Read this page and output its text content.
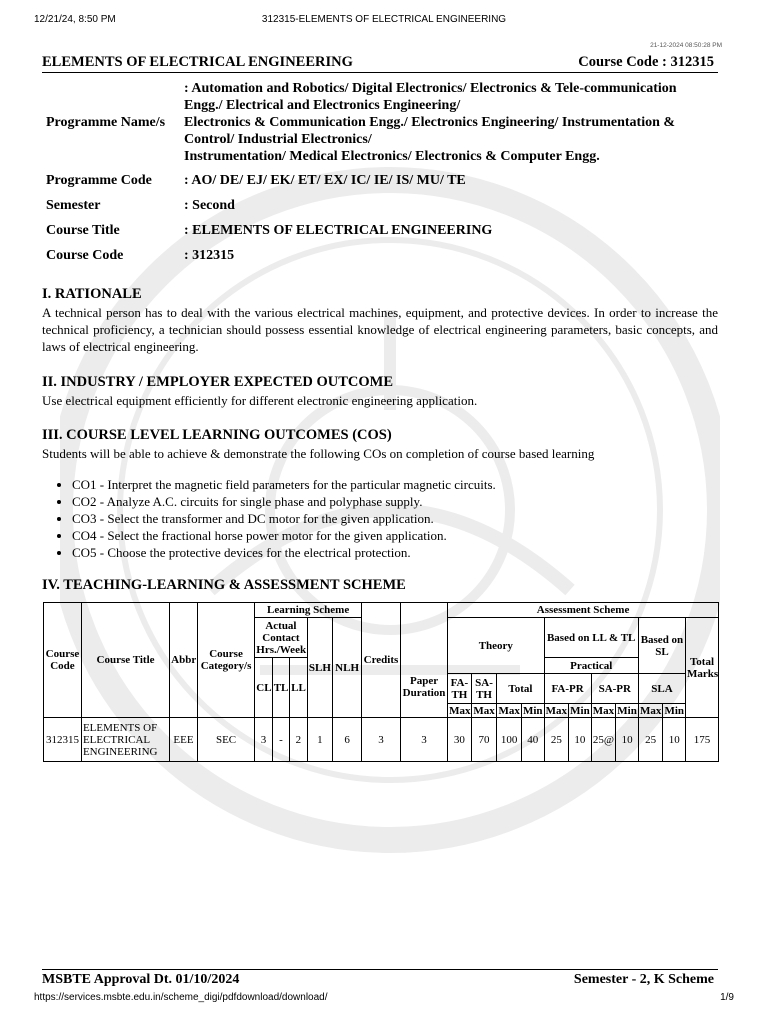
12/21/24, 8:50 PM	312315-ELEMENTS OF ELECTRICAL ENGINEERING
21-12-2024 08:50:28 PM
ELEMENTS OF ELECTRICAL ENGINEERING	Course Code : 312315
Programme Name/s
: Automation and Robotics/ Digital Electronics/ Electronics & Tele-communication
Engg./ Electrical and Electronics Engineering/
Electronics & Communication Engg./ Electronics Engineering/ Instrumentation &
Control/ Industrial Electronics/
Instrumentation/ Medical Electronics/ Electronics & Computer Engg.
Programme Code	: AO/ DE/ EJ/ EK/ ET/ EX/ IC/ IE/ IS/ MU/ TE
Semester	: Second
Course Title	: ELEMENTS OF ELECTRICAL ENGINEERING
Course Code	: 312315
I. RATIONALE
A technical person has to deal with the various electrical machines, equipment, and protective devices. In order to increase the technical proficiency, a technician should possess essential knowledge of electrical engineering parameters, basic concepts, and laws of electrical engineering.
II. INDUSTRY / EMPLOYER EXPECTED OUTCOME
Use electrical equipment efficiently for different electronic engineering application.
III. COURSE LEVEL LEARNING OUTCOMES (COS)
Students will be able to achieve & demonstrate the following COs on completion of course based learning
• CO1 - Interpret the magnetic field parameters for the particular magnetic circuits.
• CO2 - Analyze A.C. circuits for single phase and polyphase supply.
• CO3 - Select the transformer and DC motor for the given application.
• CO4 - Select the fractional horse power motor for the given application.
• CO5 - Choose the protective devices for the electrical protection.
IV. TEACHING-LEARNING & ASSESSMENT SCHEME
Course Code	Course Title	Abbr	Course Category/s	Learning Scheme					Credits		Assessment Scheme										
				Actual Contact Hrs./Week			SLH	NLH			Theory				Based on LL & TL				Based on SL		Total Marks
				CL	TL	LL				Paper Duration					Practical						
											FA- TH	SA- TH	Total		FA-PR		SA-PR		SLA		
											Max	Max	Max	Min	Max	Min	Max	Min	Max	Min	
312315	ELEMENTS OF ELECTRICAL ENGINEERING	EEE	SEC	3	-	2	1	6	3	3	30	70	100	40	25	10	25@	10	25	10	175
MSBTE Approval Dt. 01/10/2024	Semester - 2, K Scheme
https://services.msbte.edu.in/scheme_digi/pdfdownload/download/	1/9
